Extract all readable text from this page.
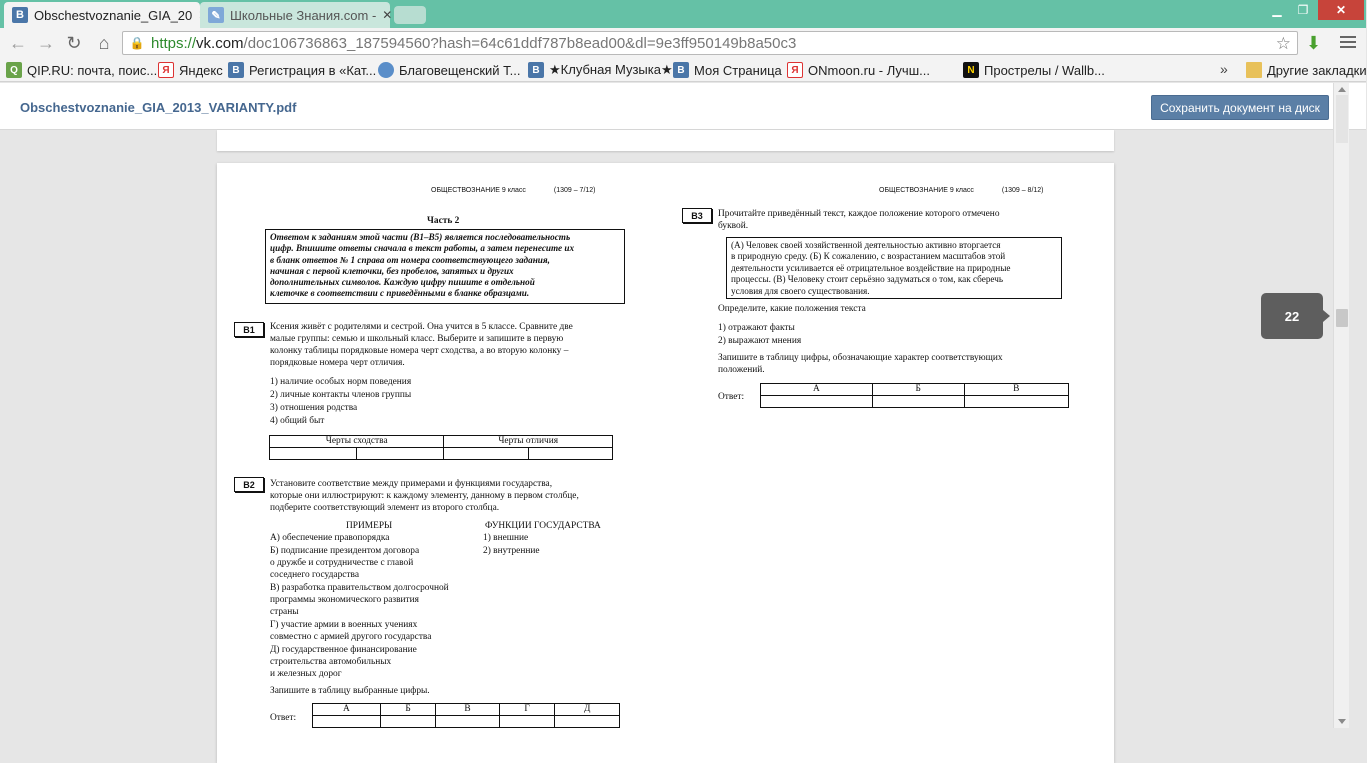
B Obschestvoznanie_GIA_20	✎ Школьные Знания.com - ✕	▁	❐	✕
← → ↻ ⌂	🔒 https:// vk.com /doc106736863_187594560?hash=64c61ddf787b8ead00&dl=9e3ff950149b8a50c3	☆ ⬇
Q QIP.RU: почта, поис... Я Яндекс B Регистрация в «Кат... Благовещенский Т...	B ★Клубная Музыка★ B Моя Страница Я ONmoon.ru - Лучш...	N Прострелы / Wallb...	»	Другие закладки
Obschestvoznanie_GIA_2013_VARIANTY.pdf	Сохранить документ на диск
ОБЩЕСТВОЗНАНИЕ 9 класс	(1309 – 7/12)
Часть 2
Ответом к заданиям этой части (В1–В5) является последовательность
цифр. Впишите ответы сначала в текст работы, а затем перенесите их
в бланк ответов № 1 справа от номера соответствующего задания,
начиная с первой клеточки, без пробелов, запятых и других
дополнительных символов. Каждую цифру пишите в отдельной
клеточке в соответствии с приведёнными в бланке образцами.
В1	Ксения живёт с родителями и сестрой. Она учится в 5 классе. Сравните две
малые группы: семью и школьный класс. Выберите и запишите в первую
колонку таблицы порядковые номера черт сходства, а во вторую колонку –
порядковые номера черт отличия.
1) наличие особых норм поведения
2) личные контакты членов группы
3) отношения родства
4) общий быт
Черты сходства		Черты отличия	

В2	Установите соответствие между примерами и функциями государства,
которые они иллюстрируют: к каждому элементу, данному в первом столбце,
подберите соответствующий элемент из второго столбца.
ПРИМЕРЫ	ФУНКЦИИ ГОСУДАРСТВА
А) обеспечение правопорядка
Б) подписание президентом договора
о дружбе и сотрудничестве с главой
соседнего государства
В) разработка правительством долгосрочной
программы экономического развития
страны
Г) участие армии в военных учениях
совместно с армией другого государства
Д) государственное финансирование
строительства автомобильных
и железных дорог
1) внешние
2) внутренние
Запишите в таблицу выбранные цифры.
Ответ:
А	Б	В	Г	Д

ОБЩЕСТВОЗНАНИЕ 9 класс	(1309 – 8/12)
В3	Прочитайте приведённый текст, каждое положение которого отмечено
буквой.
(А) Человек своей хозяйственной деятельностью активно вторгается
в природную среду. (Б) К сожалению, с возрастанием масштабов этой
деятельности усиливается её отрицательное воздействие на природные
процессы. (В) Человеку стоит серьёзно задуматься о том, как сберечь
условия для своего существования.
Определите, какие положения текста
1) отражают факты
2) выражают мнения
Запишите в таблицу цифры, обозначающие характер соответствующих
положений.
Ответ:
А	Б	В

22
